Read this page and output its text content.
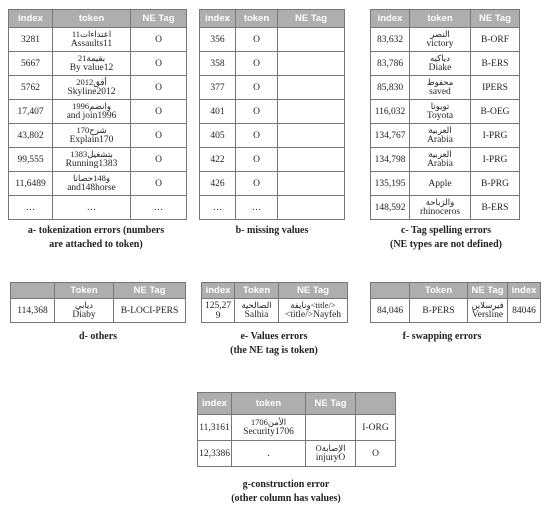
index	token	NE Tag
3281	اعتداءات11
Assaults11	O
5667	بقيمة21
By value12	O
5762	أفق2012
Skyline2012	O
17,407	1996وانضم
and join1996	O
43,802	170شرح
Explain170	O
99,555	1383بتشغيل
Running1383	O
11,6489	و148حصانا
and148horse	O
…	…	…
a- tokenization errors (numbers
are attached to token)
index	token	NE Tag
356	O	
358	O	
377	O	
401	O	
405	O	
422	O	
426	O	
…	…	
b- missing values
index	token	NE Tag
83,632	النصر
victory	B-ORF
83,786	دياكيه
Diake	B-ERS
85,830	محفوظ
saved	IPERS
116,032	تويوتا
Toyota	B-OEG
134,767	العربية
Arabia	I-PRG
134,798	العربية
Arabia	I-PRG
135,195	Apple	B-PRG
148,592	والزباحة
rhinoceros	B-ERS
c- Tag spelling errors
(NE types are not defined)
	Token	NE Tag
114,368	ديابي
Diaby	B-LOCI-PERS
d- others
index	Token	NE Tag
125,279	الصالحية
Salhia	ونايفة<title/>
<title/>Nayfeh
e- Values errors
(the NE tag is token)
	Token	NE Tag	index
84,046	B-PERS	فيرسلاين
Versline	84046
f- swapping errors
index	token	NE Tag	
11,3161	الأمن1706
Security1706		I-ORG
12,3386	.	Oالإصابة
injuryO	O
g-construction error
(other column has values)
